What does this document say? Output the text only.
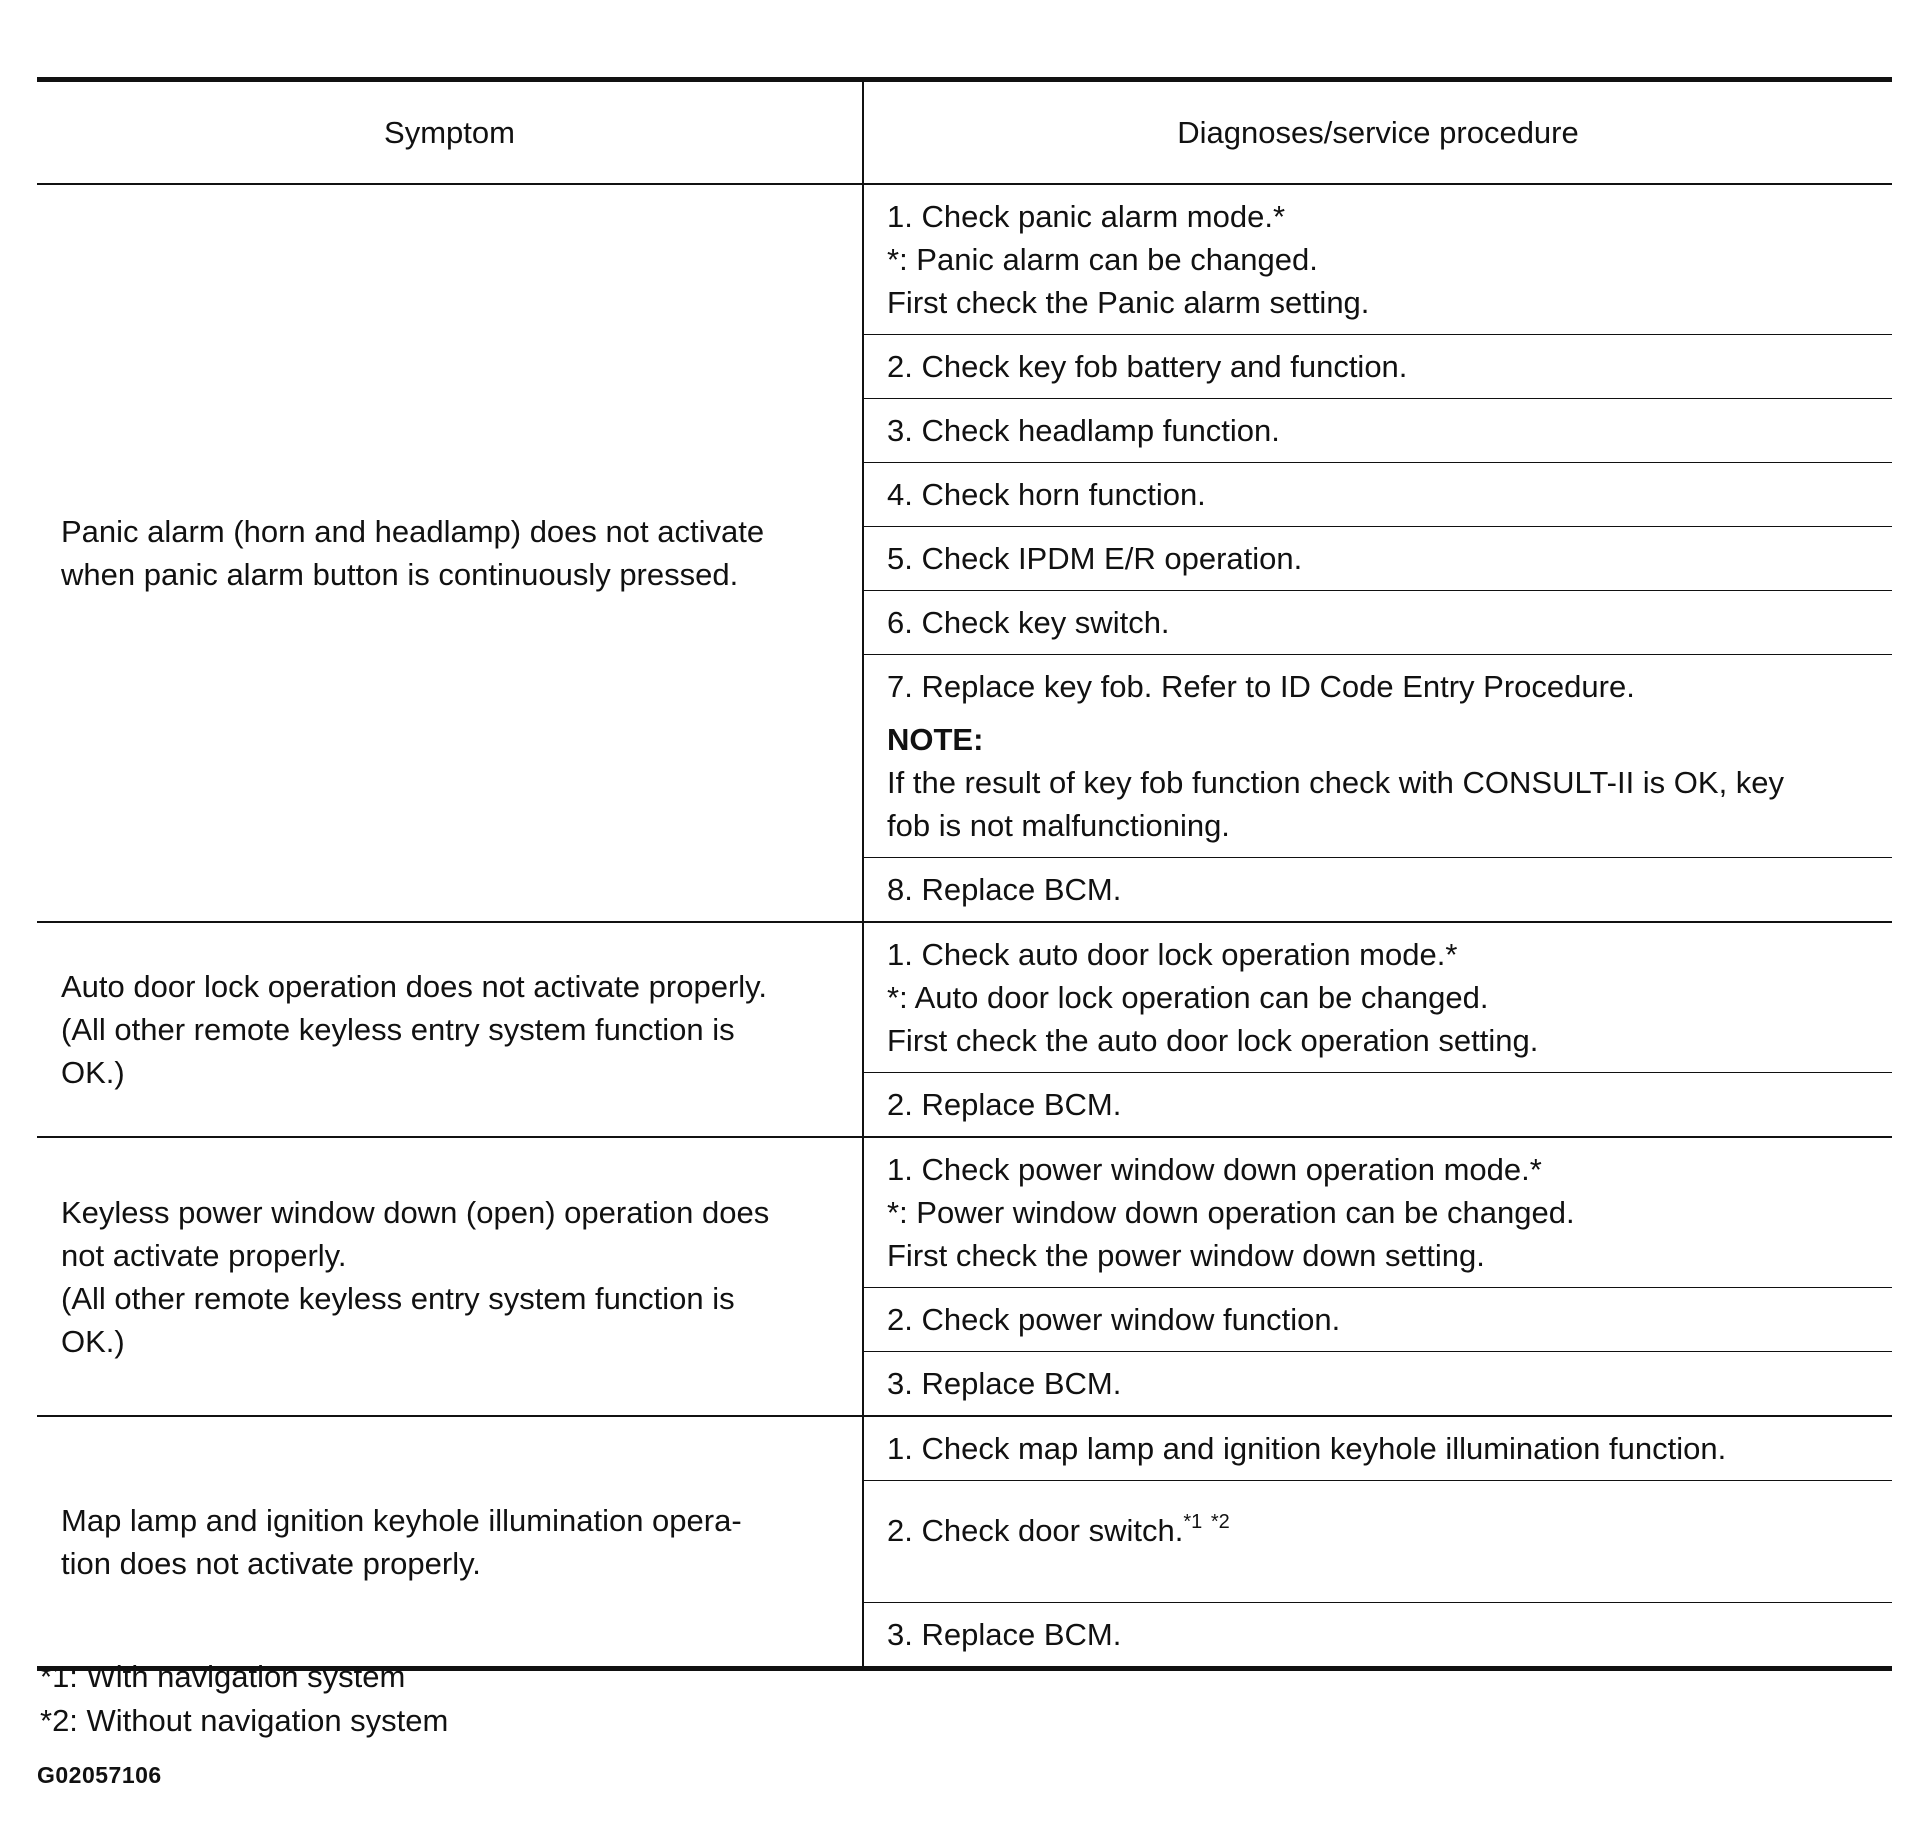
Symptom	Diagnoses/service procedure

Panic alarm (horn and headlamp) does not activate
when panic alarm button is continuously pressed.	1. Check panic alarm mode.*
*: Panic alarm can be changed.
First check the Panic alarm setting.

	2. Check key fob battery and function.

	3. Check headlamp function.

	4. Check horn function.

	5. Check IPDM E/R operation.

	6. Check key switch.

	7. Replace key fob. Refer to ID Code Entry Procedure.
NOTE:
If the result of key fob function check with CONSULT-II is OK, key
fob is not malfunctioning.

	8. Replace BCM.

Auto door lock operation does not activate properly.
(All other remote keyless entry system function is
OK.)	1. Check auto door lock operation mode.*
*: Auto door lock operation can be changed.
First check the auto door lock operation setting.

	2. Replace BCM.

Keyless power window down (open) operation does
not activate properly.
(All other remote keyless entry system function is
OK.)	1. Check power window down operation mode.*
*: Power window down operation can be changed.
First check the power window down setting.

	2. Check power window function.

	3. Replace BCM.

Map lamp and ignition keyhole illumination opera-
tion does not activate properly.	1. Check map lamp and ignition keyhole illumination function.

	2. Check door switch.$^{*1}$ $^{*2}$

	3. Replace BCM.
*1: With navigation system
*2: Without navigation system
G02057106
